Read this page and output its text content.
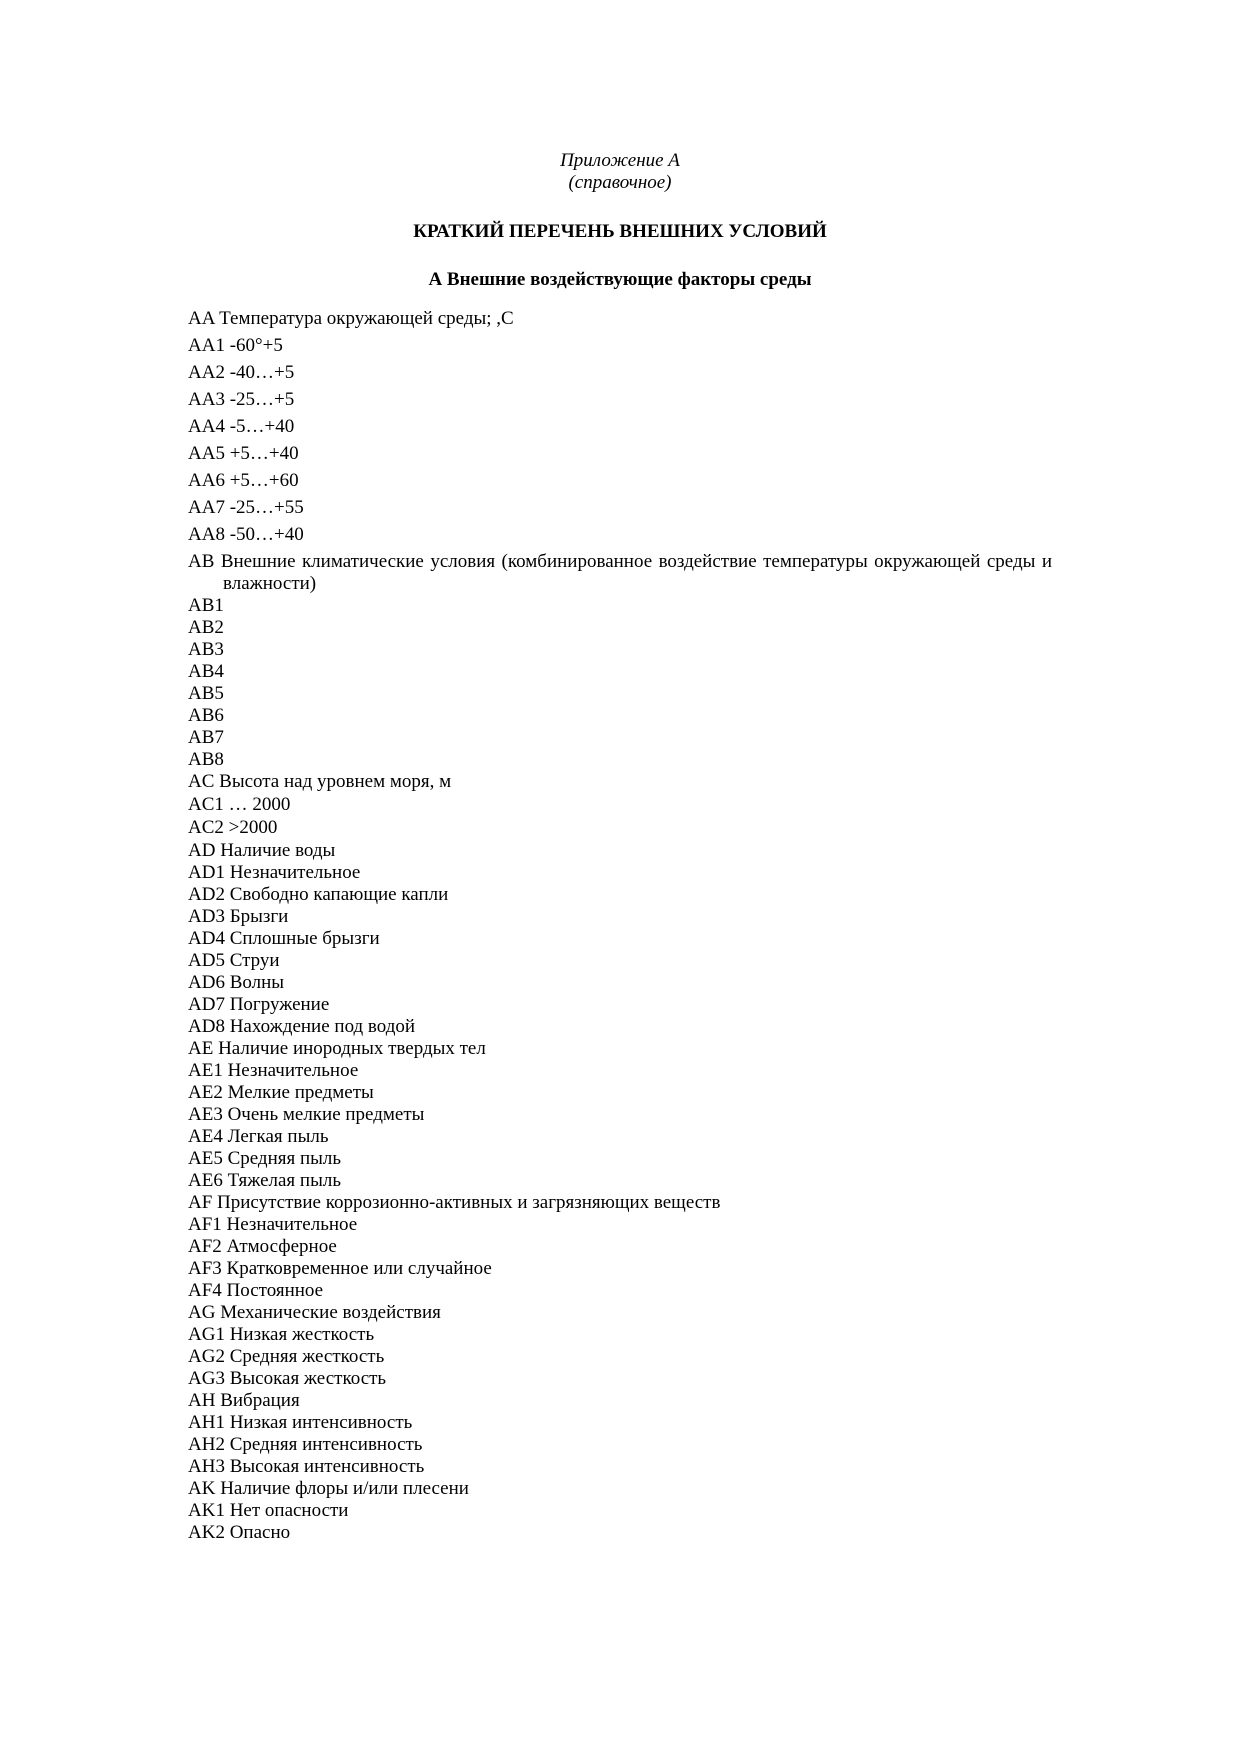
Приложение А
(справочное)
КРАТКИЙ ПЕРЕЧЕНЬ ВНЕШНИХ УСЛОВИЙ
А Внешние воздействующие факторы среды

AA Температура окружающей среды; ,С

AA1 -60°+5

AA2 -40…+5

AA3 -25…+5

AA4 -5…+40

AA5 +5…+40

AA6 +5…+60

AA7 -25…+55

AA8 -50…+40

AB Внешние климатические условия (комбинированное воздействие температуры окружающей среды и влажности)

AB1

AB2

AB3

AB4

AB5

AB6

AB7

AB8

AC Высота над уровнем моря, м

AC1 … 2000

AC2 >2000

AD Наличие воды

AD1 Незначительное

AD2 Свободно капающие капли

AD3 Брызги

AD4 Сплошные брызги

AD5 Струи

AD6 Волны

AD7 Погружение

AD8 Нахождение под водой

AE Наличие инородных твердых тел

AE1 Незначительное

AE2 Мелкие предметы

AE3 Очень мелкие предметы

AE4 Легкая пыль

AE5 Средняя пыль

AE6 Тяжелая пыль

AF Присутствие коррозионно-активных и загрязняющих веществ

AF1 Незначительное

AF2 Атмосферное

AF3 Кратковременное или случайное

AF4 Постоянное

AG Механические воздействия

AG1 Низкая жесткость

AG2 Средняя жесткость

AG3 Высокая жесткость

AH Вибрация

AH1 Низкая интенсивность

AH2 Средняя интенсивность

AH3 Высокая интенсивность

AK Наличие флоры и/или плесени

AK1 Нет опасности

AK2 Опасно
